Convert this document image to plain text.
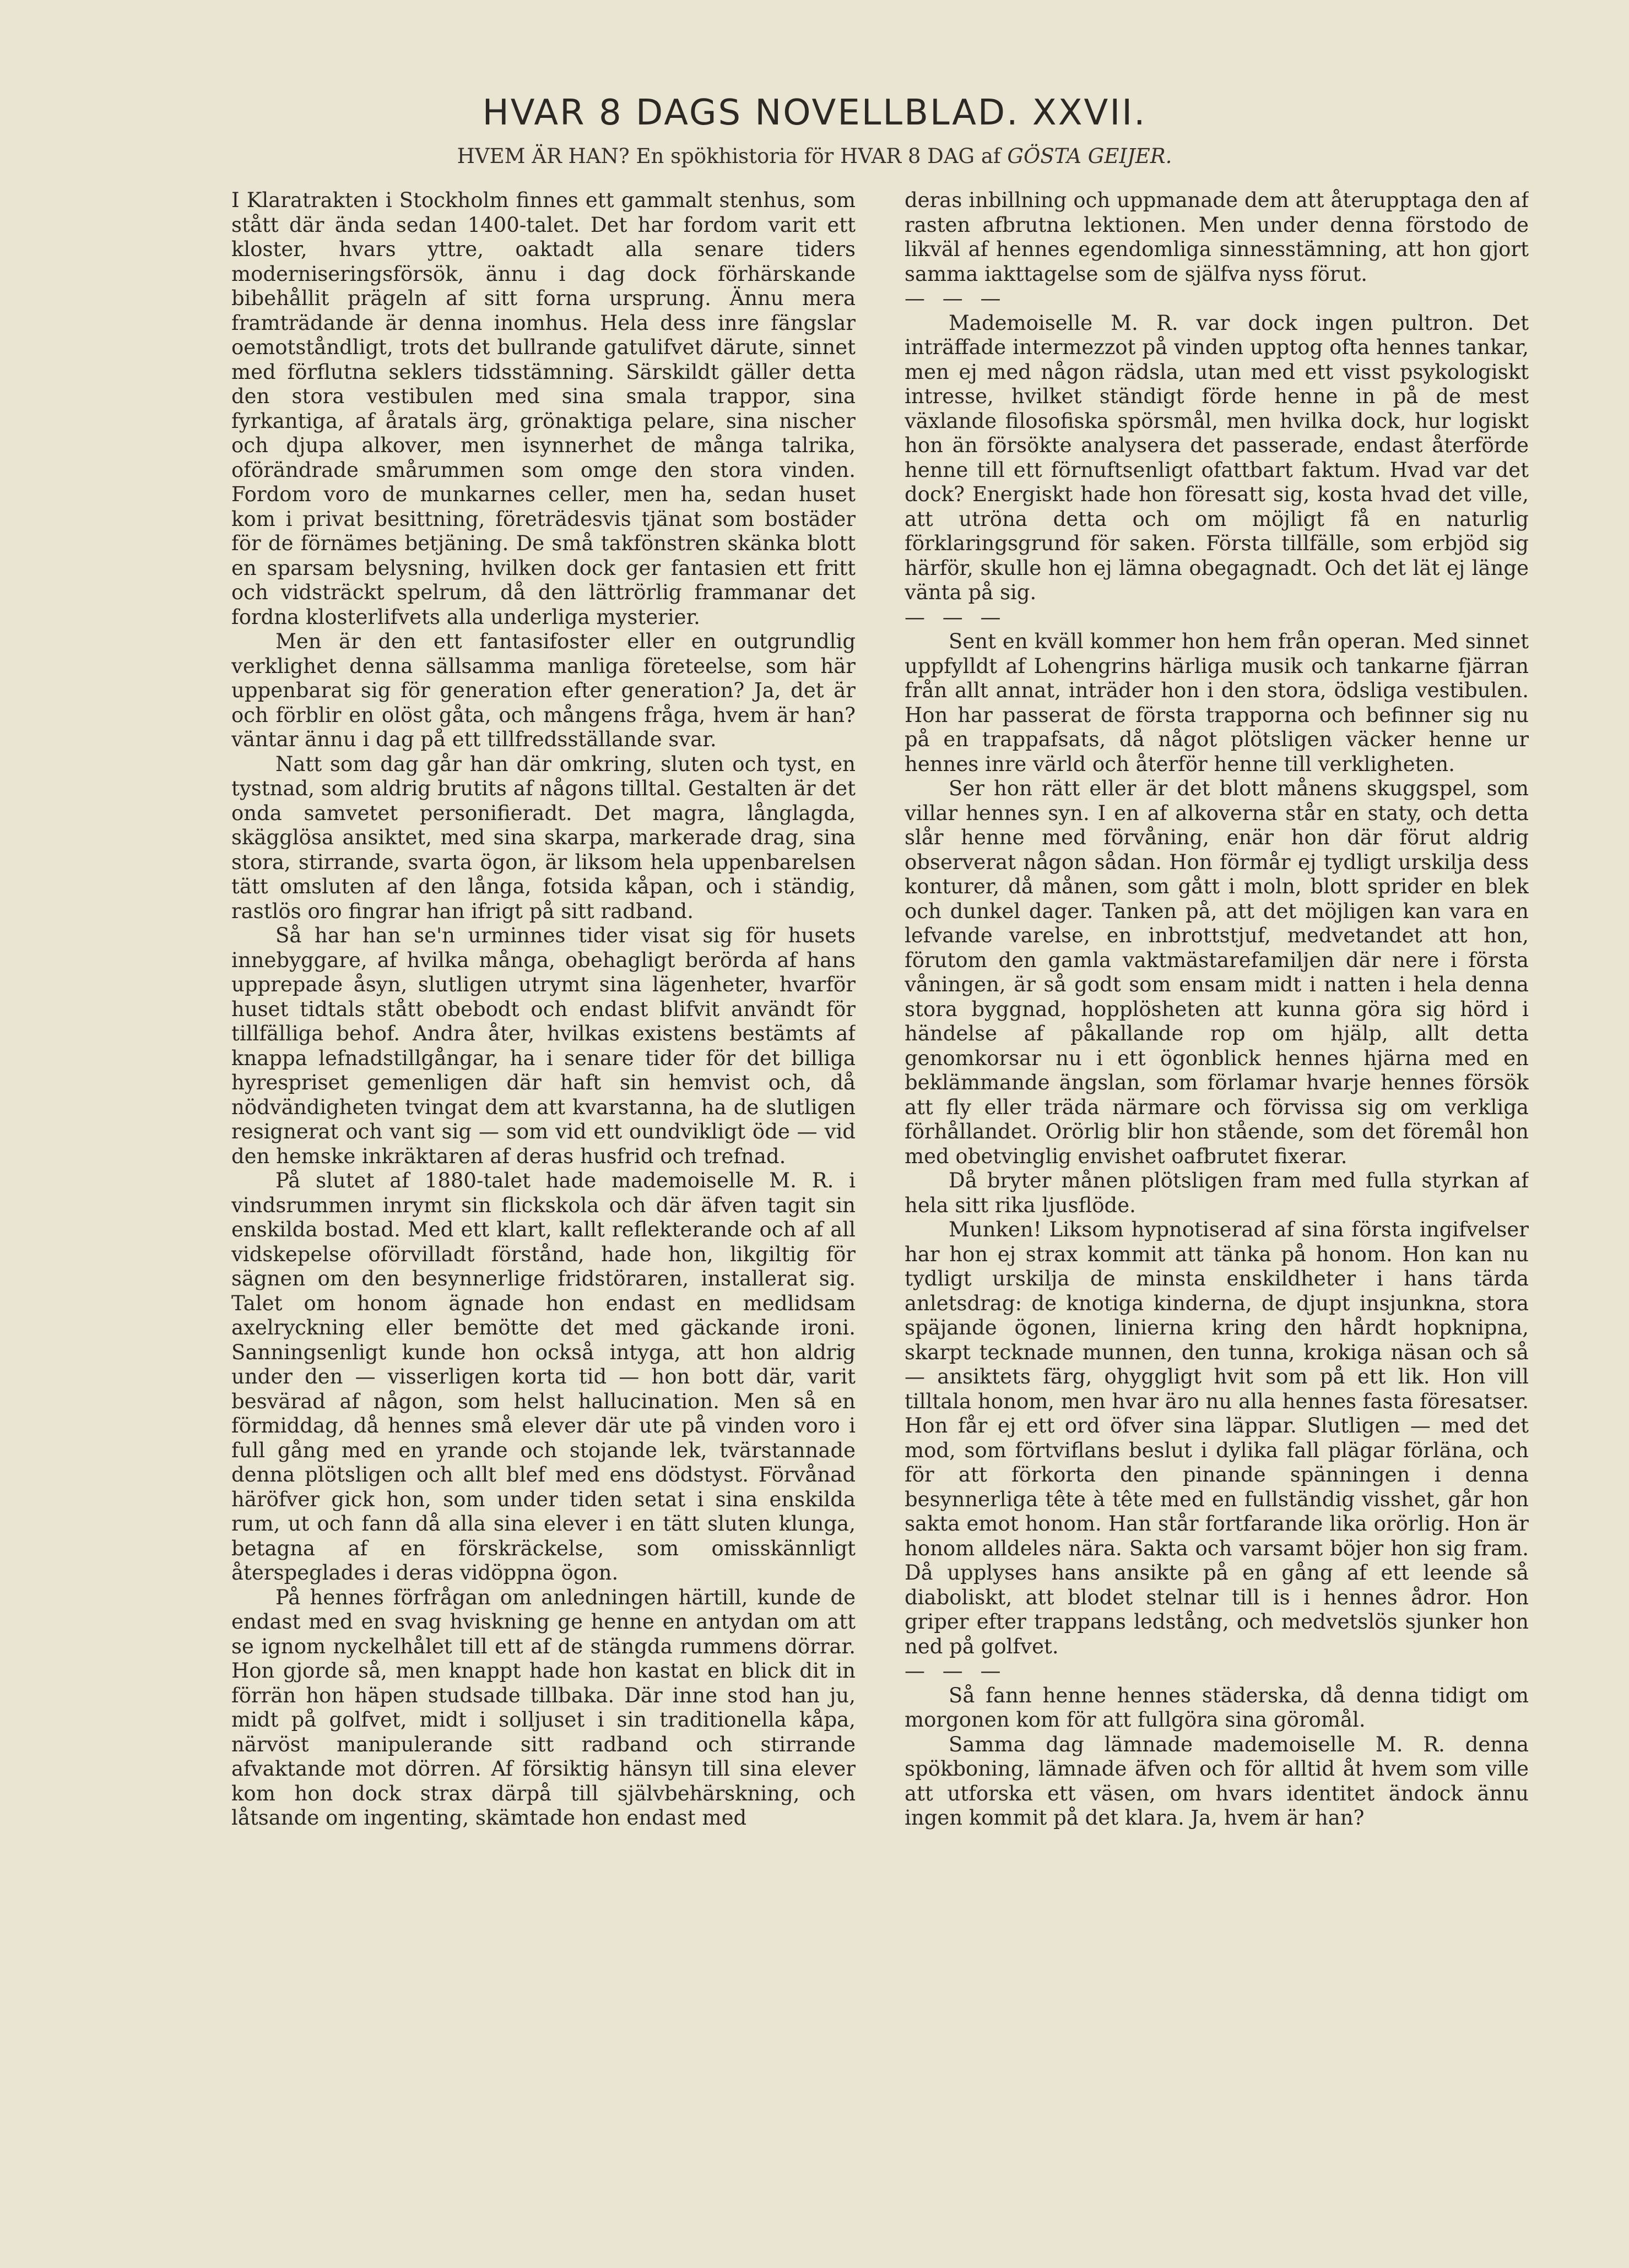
HVAR 8 DAGS NOVELLBLAD. XXVII.
HVEM ÄR HAN? En spökhistoria för HVAR 8 DAG af GÖSTA GEIJER.

I Klaratrakten i Stockholm finnes ett gammalt stenhus, som stått där ända sedan 1400-talet. Det har fordom varit ett kloster, hvars yttre, oaktadt alla senare tiders moderniseringsförsök, ännu i dag dock förhärskande bibehållit prägeln af sitt forna ursprung. Ännu mera framträdande är denna inomhus. Hela dess inre fängslar oemotståndligt, trots det bullrande gatulifvet därute, sinnet med förflutna seklers tidsstämning. Särskildt gäller detta den stora vestibulen med sina smala trappor, sina fyrkantiga, af åratals ärg, grönaktiga pelare, sina nischer och djupa alkover, men isynnerhet de många talrika, oförändrade smårummen som omge den stora vinden. Fordom voro de munkarnes celler, men ha, sedan huset kom i privat besittning, företrädesvis tjänat som bostäder för de förnämes betjäning. De små takfönstren skänka blott en sparsam belysning, hvilken dock ger fantasien ett fritt och vidsträckt spelrum, då den lättrörlig frammanar det fordna klosterlifvets alla underliga mysterier.

Men är den ett fantasifoster eller en outgrundlig verklighet denna sällsamma manliga företeelse, som här uppenbarat sig för generation efter generation? Ja, det är och förblir en olöst gåta, och mångens fråga, hvem är han? väntar ännu i dag på ett tillfredsställande svar.

Natt som dag går han där omkring, sluten och tyst, en tystnad, som aldrig brutits af någons tilltal. Gestalten är det onda samvetet personifieradt. Det magra, långlagda, skägglösa ansiktet, med sina skarpa, markerade drag, sina stora, stirrande, svarta ögon, är liksom hela uppenbarelsen tätt omsluten af den långa, fotsida kåpan, och i ständig, rastlös oro fingrar han ifrigt på sitt radband.

Så har han se'n urminnes tider visat sig för husets innebyggare, af hvilka många, obehagligt berörda af hans upprepade åsyn, slutligen utrymt sina lägenheter, hvarför huset tidtals stått obebodt och endast blifvit användt för tillfälliga behof. Andra åter, hvilkas existens bestämts af knappa lefnadstillgångar, ha i senare tider för det billiga hyrespriset gemenligen där haft sin hemvist och, då nödvändigheten tvingat dem att kvarstanna, ha de slutligen resignerat och vant sig — som vid ett oundvikligt öde — vid den hemske inkräktaren af deras husfrid och trefnad.

På slutet af 1880-talet hade mademoiselle M. R. i vindsrummen inrymt sin flickskola och där äfven tagit sin enskilda bostad. Med ett klart, kallt reflekterande och af all vidskepelse oförvilladt förstånd, hade hon, likgiltig för sägnen om den besynnerlige fridstöraren, installerat sig. Talet om honom ägnade hon endast en medlidsam axelryckning eller bemötte det med gäckande ironi. Sanningsenligt kunde hon också intyga, att hon aldrig under den — visserligen korta tid — hon bott där, varit besvärad af någon, som helst hallucination. Men så en förmiddag, då hennes små elever där ute på vinden voro i full gång med en yrande och stojande lek, tvärstannade denna plötsligen och allt blef med ens dödstyst. Förvånad häröfver gick hon, som under tiden setat i sina enskilda rum, ut och fann då alla sina elever i en tätt sluten klunga, betagna af en förskräckelse, som omisskännligt återspeglades i deras vidöppna ögon.

På hennes förfrågan om anledningen härtill, kunde de endast med en svag hviskning ge henne en antydan om att se ignom nyckelhålet till ett af de stängda rummens dörrar. Hon gjorde så, men knappt hade hon kastat en blick dit in förrän hon häpen studsade tillbaka. Där inne stod han ju, midt på golfvet, midt i solljuset i sin traditionella kåpa, närvöst manipulerande sitt radband och stirrande afvaktande mot dörren. Af försiktig hänsyn till sina elever kom hon dock strax därpå till självbehärskning, och låtsande om ingenting, skämtade hon endast med

deras inbillning och uppmanade dem att återupptaga den af rasten afbrutna lektionen. Men under denna förstodo de likväl af hennes egendomliga sinnesstämning, att hon gjort samma iakttagelse som de själfva nyss förut.

— — —

Mademoiselle M. R. var dock ingen pultron. Det inträffade intermezzot på vinden upptog ofta hennes tankar, men ej med någon rädsla, utan med ett visst psykologiskt intresse, hvilket ständigt förde henne in på de mest växlande filosofiska spörsmål, men hvilka dock, hur logiskt hon än försökte analysera det passerade, endast återförde henne till ett förnuftsenligt ofattbart faktum. Hvad var det dock? Energiskt hade hon föresatt sig, kosta hvad det ville, att utröna detta och om möjligt få en naturlig förklaringsgrund för saken. Första tillfälle, som erbjöd sig härför, skulle hon ej lämna obegagnadt. Och det lät ej länge vänta på sig.

— — —

Sent en kväll kommer hon hem från operan. Med sinnet uppfylldt af Lohengrins härliga musik och tankarne fjärran från allt annat, inträder hon i den stora, ödsliga vestibulen. Hon har passerat de första trapporna och befinner sig nu på en trappafsats, då något plötsligen väcker henne ur hennes inre värld och återför henne till verkligheten.

Ser hon rätt eller är det blott månens skuggspel, som villar hennes syn. I en af alkoverna står en staty, och detta slår henne med förvåning, enär hon där förut aldrig observerat någon sådan. Hon förmår ej tydligt urskilja dess konturer, då månen, som gått i moln, blott sprider en blek och dunkel dager. Tanken på, att det möjligen kan vara en lefvande varelse, en inbrottstjuf, medvetandet att hon, förutom den gamla vaktmästarefamiljen där nere i första våningen, är så godt som ensam midt i natten i hela denna stora byggnad, hopplösheten att kunna göra sig hörd i händelse af påkallande rop om hjälp, allt detta genomkorsar nu i ett ögonblick hennes hjärna med en beklämmande ängslan, som förlamar hvarje hennes försök att fly eller träda närmare och förvissa sig om verkliga förhållandet. Orörlig blir hon stående, som det föremål hon med obetvinglig envishet oafbrutet fixerar.

Då bryter månen plötsligen fram med fulla styrkan af hela sitt rika ljusflöde.

Munken! Liksom hypnotiserad af sina första ingifvelser har hon ej strax kommit att tänka på honom. Hon kan nu tydligt urskilja de minsta enskildheter i hans tärda anletsdrag: de knotiga kinderna, de djupt insjunkna, stora späjande ögonen, linierna kring den hårdt hopknipna, skarpt tecknade munnen, den tunna, krokiga näsan och så — ansiktets färg, ohyggligt hvit som på ett lik. Hon vill tilltala honom, men hvar äro nu alla hennes fasta föresatser. Hon får ej ett ord öfver sina läppar. Slutligen — med det mod, som förtviflans beslut i dylika fall plägar förläna, och för att förkorta den pinande spänningen i denna besynnerliga tête à tête med en fullständig visshet, går hon sakta emot honom. Han står fortfarande lika orörlig. Hon är honom alldeles nära. Sakta och varsamt böjer hon sig fram. Då upplyses hans ansikte på en gång af ett leende så diaboliskt, att blodet stelnar till is i hennes ådror. Hon griper efter trappans ledstång, och medvetslös sjunker hon ned på golfvet.

— — —

Så fann henne hennes städerska, då denna tidigt om morgonen kom för att fullgöra sina göromål.

Samma dag lämnade mademoiselle M. R. denna spökboning, lämnade äfven och för alltid åt hvem som ville att utforska ett väsen, om hvars identitet ändock ännu ingen kommit på det klara. Ja, hvem är han?
